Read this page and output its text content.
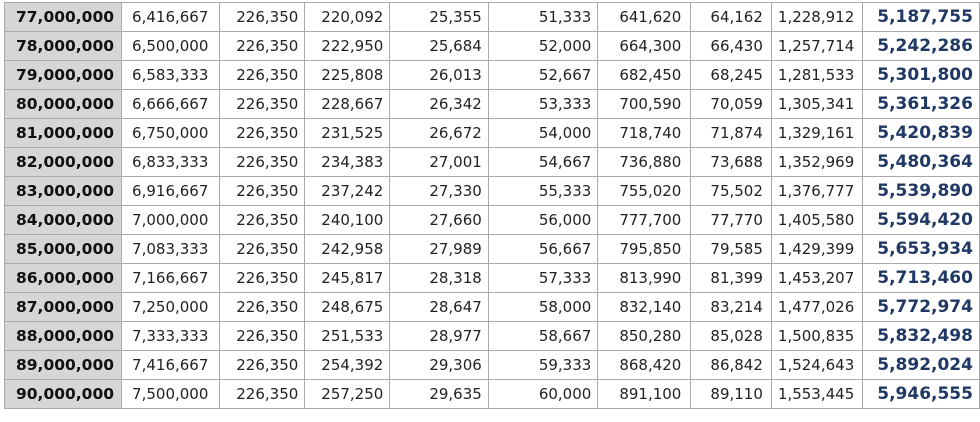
77,000,000	6,416,667	226,350	220,092	25,355	51,333	641,620	64,162	1,228,912	5,187,755
78,000,000	6,500,000	226,350	222,950	25,684	52,000	664,300	66,430	1,257,714	5,242,286
79,000,000	6,583,333	226,350	225,808	26,013	52,667	682,450	68,245	1,281,533	5,301,800
80,000,000	6,666,667	226,350	228,667	26,342	53,333	700,590	70,059	1,305,341	5,361,326
81,000,000	6,750,000	226,350	231,525	26,672	54,000	718,740	71,874	1,329,161	5,420,839
82,000,000	6,833,333	226,350	234,383	27,001	54,667	736,880	73,688	1,352,969	5,480,364
83,000,000	6,916,667	226,350	237,242	27,330	55,333	755,020	75,502	1,376,777	5,539,890
84,000,000	7,000,000	226,350	240,100	27,660	56,000	777,700	77,770	1,405,580	5,594,420
85,000,000	7,083,333	226,350	242,958	27,989	56,667	795,850	79,585	1,429,399	5,653,934
86,000,000	7,166,667	226,350	245,817	28,318	57,333	813,990	81,399	1,453,207	5,713,460
87,000,000	7,250,000	226,350	248,675	28,647	58,000	832,140	83,214	1,477,026	5,772,974
88,000,000	7,333,333	226,350	251,533	28,977	58,667	850,280	85,028	1,500,835	5,832,498
89,000,000	7,416,667	226,350	254,392	29,306	59,333	868,420	86,842	1,524,643	5,892,024
90,000,000	7,500,000	226,350	257,250	29,635	60,000	891,100	89,110	1,553,445	5,946,555
